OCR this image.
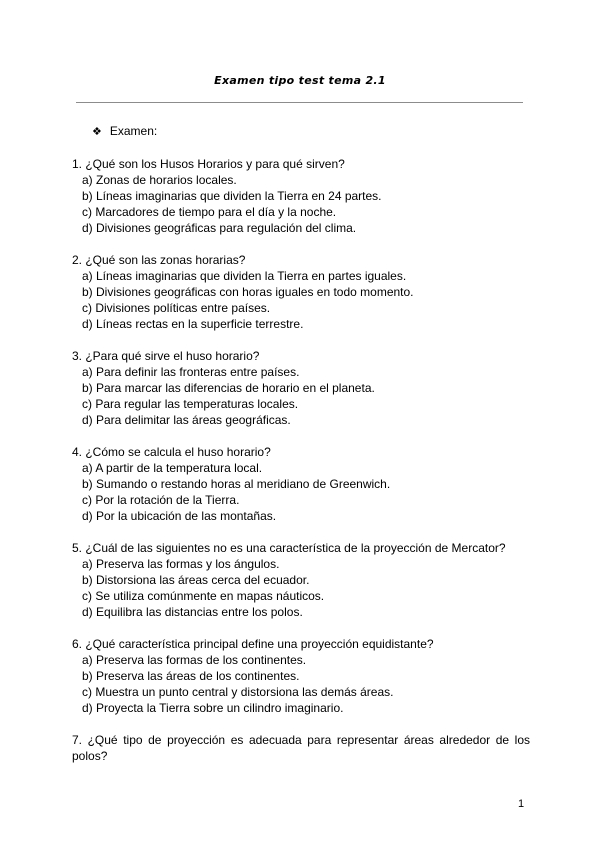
Examen tipo test tema 2.1
❖ Examen:
1. ¿Qué son los Husos Horarios y para qué sirven?
a) Zonas de horarios locales.
b) Líneas imaginarias que dividen la Tierra en 24 partes.
c) Marcadores de tiempo para el día y la noche.
d) Divisiones geográficas para regulación del clima.
2. ¿Qué son las zonas horarias?
a) Líneas imaginarias que dividen la Tierra en partes iguales.
b) Divisiones geográficas con horas iguales en todo momento.
c) Divisiones políticas entre países.
d) Líneas rectas en la superficie terrestre.
3. ¿Para qué sirve el huso horario?
a) Para definir las fronteras entre países.
b) Para marcar las diferencias de horario en el planeta.
c) Para regular las temperaturas locales.
d) Para delimitar las áreas geográficas.
4. ¿Cómo se calcula el huso horario?
a) A partir de la temperatura local.
b) Sumando o restando horas al meridiano de Greenwich.
c) Por la rotación de la Tierra.
d) Por la ubicación de las montañas.
5. ¿Cuál de las siguientes no es una característica de la proyección de Mercator?
a) Preserva las formas y los ángulos.
b) Distorsiona las áreas cerca del ecuador.
c) Se utiliza comúnmente en mapas náuticos.
d) Equilibra las distancias entre los polos.
6. ¿Qué característica principal define una proyección equidistante?
a) Preserva las formas de los continentes.
b) Preserva las áreas de los continentes.
c) Muestra un punto central y distorsiona las demás áreas.
d) Proyecta la Tierra sobre un cilindro imaginario.
7. ¿Qué tipo de proyección es adecuada para representar áreas alrededor de los polos?
1
